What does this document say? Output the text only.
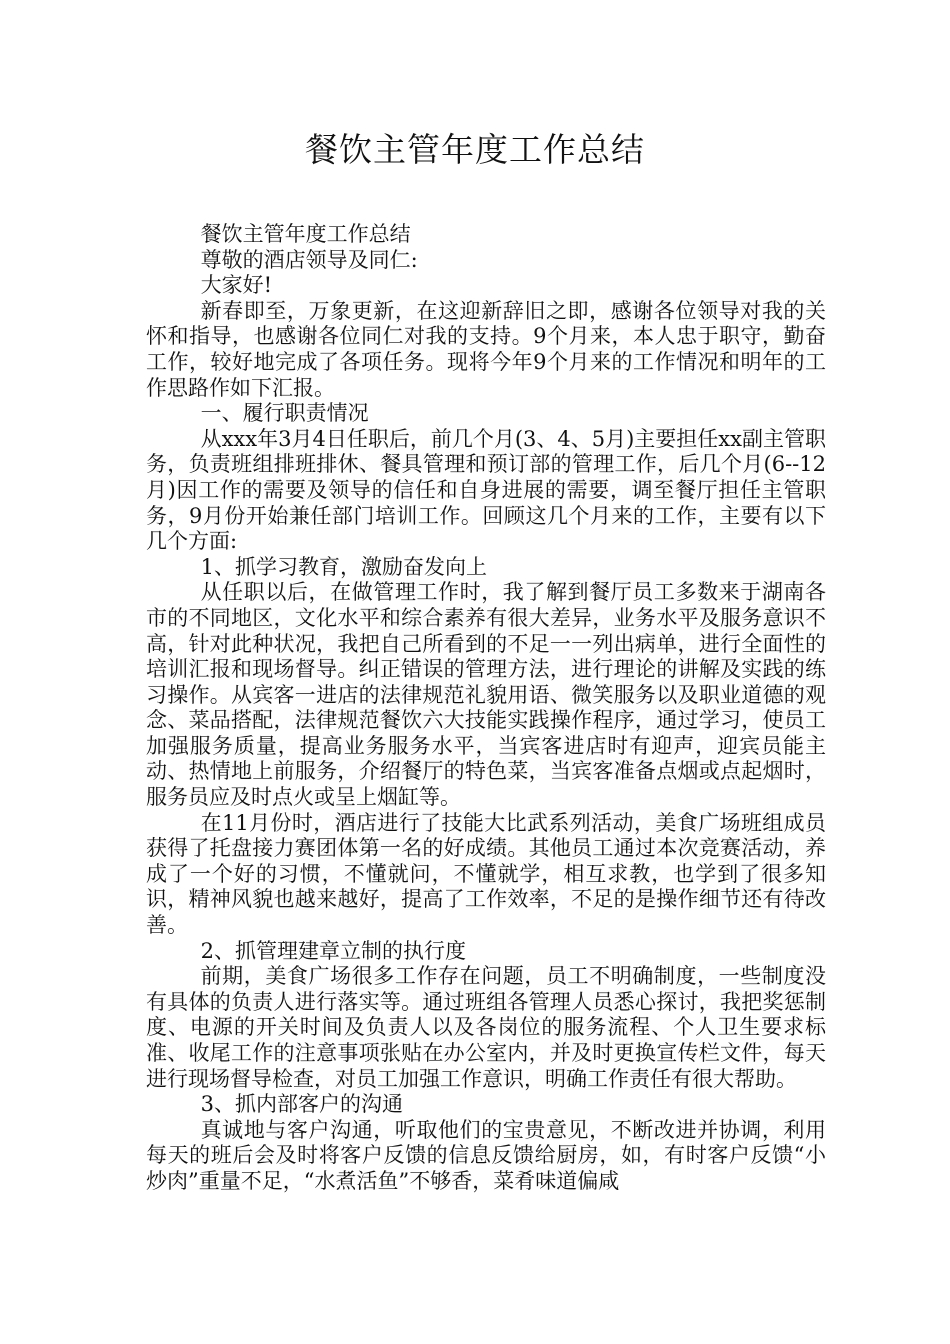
餐饮主管年度工作总结

餐饮主管年度工作总结

尊敬的酒店领导及同仁:

大家好!

新春即至，万象更新，在这迎新辞旧之即，感谢各位领导对我的关怀和指导，也感谢各位同仁对我的支持。9个月来，本人忠于职守，勤奋工作，较好地完成了各项任务。现将今年9个月来的工作情况和明年的工作思路作如下汇报。

一、履行职责情况

从xxx年3月4日任职后，前几个月(3、4、5月)主要担任xx副主管职务，负责班组排班排休、餐具管理和预订部的管理工作，后几个月(6--12月)因工作的需要及领导的信任和自身进展的需要，调至餐厅担任主管职务，9月份开始兼任部门培训工作。回顾这几个月来的工作，主要有以下几个方面:

1、抓学习教育，激励奋发向上

从任职以后，在做管理工作时，我了解到餐厅员工多数来于湖南各市的不同地区，文化水平和综合素养有很大差异，业务水平及服务意识不高，针对此种状况，我把自己所看到的不足一一列出病单，进行全面性的培训汇报和现场督导。纠正错误的管理方法，进行理论的讲解及实践的练习操作。从宾客一进店的法律规范礼貌用语、微笑服务以及职业道德的观念、菜品搭配，法律规范餐饮六大技能实践操作程序，通过学习，使员工加强服务质量，提高业务服务水平，当宾客进店时有迎声，迎宾员能主动、热情地上前服务，介绍餐厅的特色菜，当宾客准备点烟或点起烟时，服务员应及时点火或呈上烟缸等。

在11月份时，酒店进行了技能大比武系列活动，美食广场班组成员获得了托盘接力赛团体第一名的好成绩。其他员工通过本次竞赛活动，养成了一个好的习惯，不懂就问，不懂就学，相互求教，也学到了很多知识，精神风貌也越来越好，提高了工作效率，不足的是操作细节还有待改善。

2、抓管理建章立制的执行度

前期，美食广场很多工作存在问题，员工不明确制度，一些制度没有具体的负责人进行落实等。通过班组各管理人员悉心探讨，我把奖惩制度、电源的开关时间及负责人以及各岗位的服务流程、个人卫生要求标准、收尾工作的注意事项张贴在办公室内，并及时更换宣传栏文件，每天进行现场督导检查，对员工加强工作意识，明确工作责任有很大帮助。

3、抓内部客户的沟通

真诚地与客户沟通，听取他们的宝贵意见，不断改进并协调，利用每天的班后会及时将客户反馈的信息反馈给厨房，如，有时客户反馈“小炒肉”重量不足，“水煮活鱼”不够香，菜肴味道偏咸
